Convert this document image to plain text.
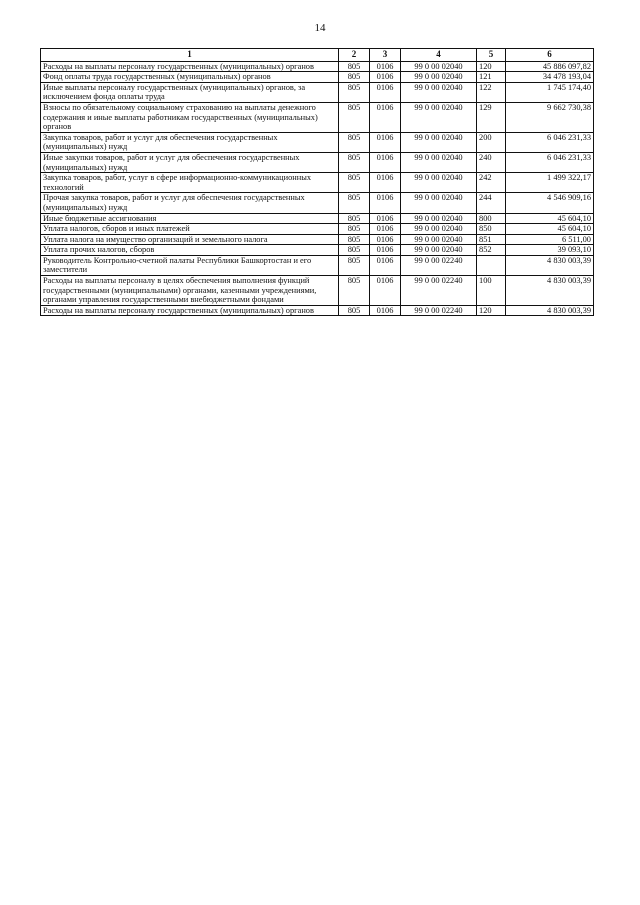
14
1	2	3	4	5	6
Расходы на выплаты персоналу государственных (муниципальных) органов	805	0106	99 0 00 02040	120	45 886 097,82
Фонд оплаты труда государственных (муниципальных) органов	805	0106	99 0 00 02040	121	34 478 193,04
Иные выплаты персоналу государственных (муниципальных) органов, за исключением фонда оплаты труда	805	0106	99 0 00 02040	122	1 745 174,40
Взносы по обязательному социальному страхованию на выплаты денежного содержания и иные выплаты работникам государственных (муниципальных) органов	805	0106	99 0 00 02040	129	9 662 730,38
Закупка товаров, работ и услуг для обеспечения государственных (муниципальных) нужд	805	0106	99 0 00 02040	200	6 046 231,33
Иные закупки товаров, работ и услуг для обеспечения государственных (муниципальных) нужд	805	0106	99 0 00 02040	240	6 046 231,33
Закупка товаров, работ, услуг в сфере информационно-коммуникационных технологий	805	0106	99 0 00 02040	242	1 499 322,17
Прочая закупка товаров, работ и услуг для обеспечения государственных (муниципальных) нужд	805	0106	99 0 00 02040	244	4 546 909,16
Иные бюджетные ассигнования	805	0106	99 0 00 02040	800	45 604,10
Уплата налогов, сборов и иных платежей	805	0106	99 0 00 02040	850	45 604,10
Уплата налога на имущество организаций и земельного налога	805	0106	99 0 00 02040	851	6 511,00
Уплата прочих налогов, сборов	805	0106	99 0 00 02040	852	39 093,10
Руководитель Контрольно-счетной палаты Республики Башкортостан и его заместители	805	0106	99 0 00 02240		4 830 003,39
Расходы на выплаты персоналу в целях обеспечения выполнения функций государственными (муниципальными) органами, казенными учреждениями, органами управления государственными внебюджетными фондами	805	0106	99 0 00 02240	100	4 830 003,39
Расходы на выплаты персоналу государственных (муниципальных) органов	805	0106	99 0 00 02240	120	4 830 003,39
